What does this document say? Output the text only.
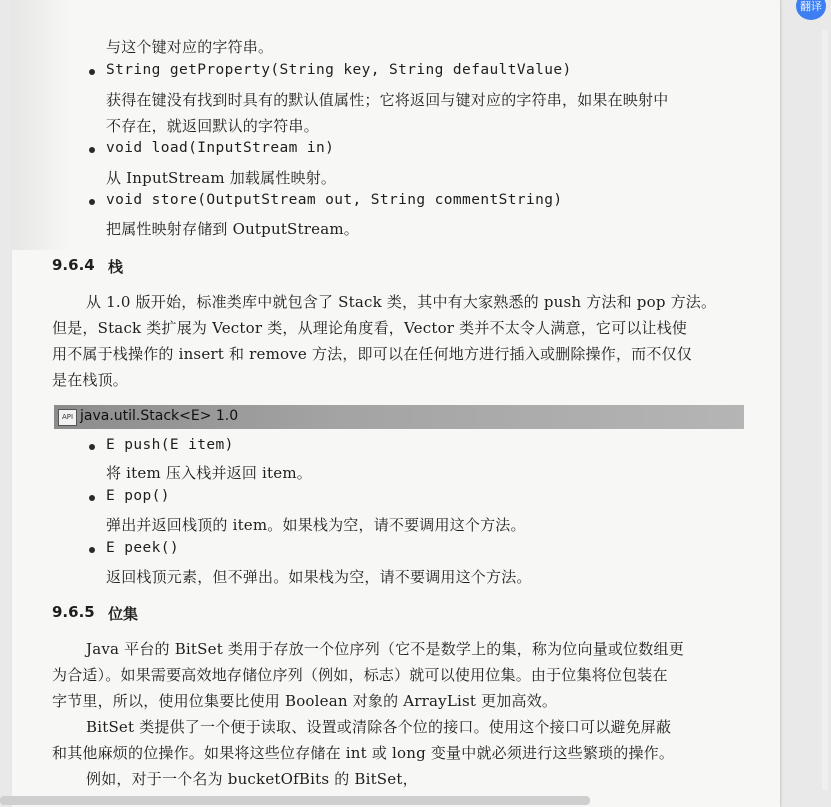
与这个键对应的字符串。
String getProperty(String key, String defaultValue)
获得在键没有找到时具有的默认值属性；它将返回与键对应的字符串，如果在映射中
不存在，就返回默认的字符串。
void load(InputStream in)
从 InputStream 加载属性映射。
void store(OutputStream out, String commentString)
把属性映射存储到 OutputStream。
9.6.4 栈
从 1.0 版开始，标准类库中就包含了 Stack 类，其中有大家熟悉的 push 方法和 pop 方法。
但是，Stack 类扩展为 Vector 类，从理论角度看，Vector 类并不太令人满意，它可以让栈使
用不属于栈操作的 insert 和 remove 方法，即可以在任何地方进行插入或删除操作，而不仅仅
是在栈顶。
API java.util.Stack<E> 1.0
E push(E item)
将 item 压入栈并返回 item。
E pop()
弹出并返回栈顶的 item。如果栈为空，请不要调用这个方法。
E peek()
返回栈顶元素，但不弹出。如果栈为空，请不要调用这个方法。
9.6.5 位集
Java 平台的 BitSet 类用于存放一个位序列（它不是数学上的集，称为位向量或位数组更
为合适）。如果需要高效地存储位序列（例如，标志）就可以使用位集。由于位集将位包装在
字节里，所以，使用位集要比使用 Boolean 对象的 ArrayList 更加高效。
BitSet 类提供了一个便于读取、设置或清除各个位的接口。使用这个接口可以避免屏蔽
和其他麻烦的位操作。如果将这些位存储在 int 或 long 变量中就必须进行这些繁琐的操作。
例如，对于一个名为 bucketOfBits 的 BitSet，
翻译
